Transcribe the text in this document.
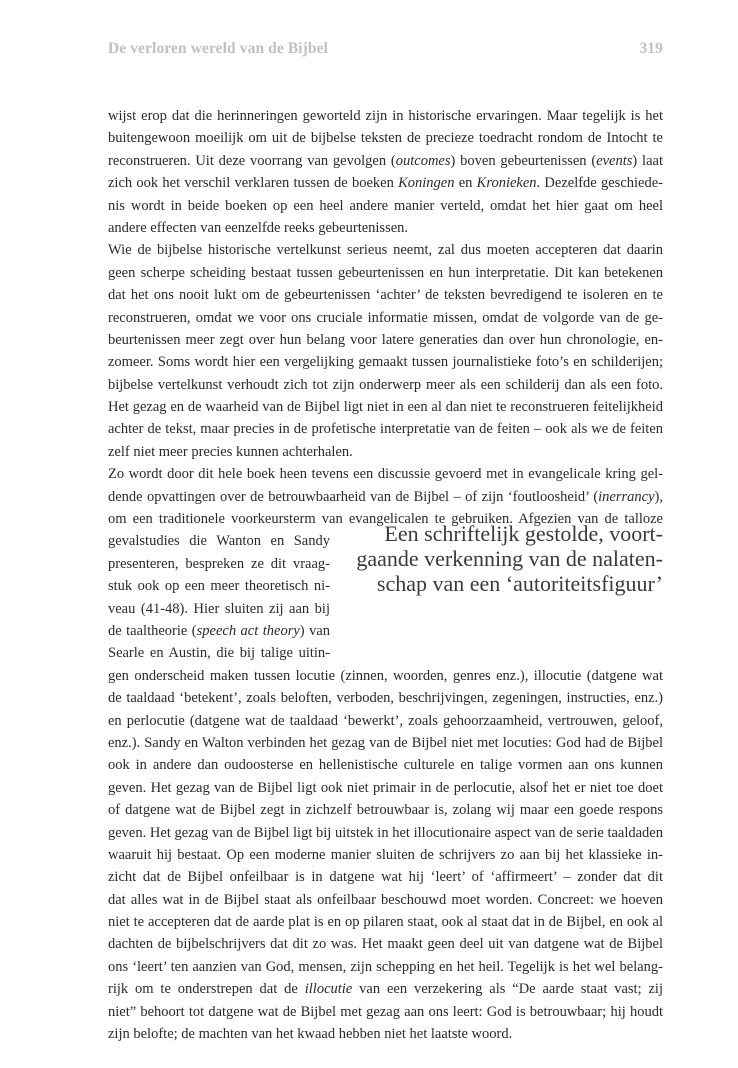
De verloren wereld van de Bijbel	319
wijst erop dat die herinneringen geworteld zijn in historische ervaringen. Maar tegelijk is het
buitengewoon moeilijk om uit de bijbelse teksten de precieze toedracht rondom de Intocht te
reconstrueren. Uit deze voorrang van gevolgen (outcomes) boven gebeurtenissen (events) laat
zich ook het verschil verklaren tussen de boeken Koningen en Kronieken. Dezelfde geschiede-
nis wordt in beide boeken op een heel andere manier verteld, omdat het hier gaat om heel
andere effecten van eenzelfde reeks gebeurtenissen.
Wie de bijbelse historische vertelkunst serieus neemt, zal dus moeten accepteren dat daarin
geen scherpe scheiding bestaat tussen gebeurtenissen en hun interpretatie. Dit kan betekenen
dat het ons nooit lukt om de gebeurtenissen ‘achter’ de teksten bevredigend te isoleren en te
reconstrueren, omdat we voor ons cruciale informatie missen, omdat de volgorde van de ge-
beurtenissen meer zegt over hun belang voor latere generaties dan over hun chronologie, en-
zomeer. Soms wordt hier een vergelijking gemaakt tussen journalistieke foto’s en schilderijen;
bijbelse vertelkunst verhoudt zich tot zijn onderwerp meer als een schilderij dan als een foto.
Het gezag en de waarheid van de Bijbel ligt niet in een al dan niet te reconstrueren feitelijkheid
achter de tekst, maar precies in de profetische interpretatie van de feiten – ook als we de feiten
zelf niet meer precies kunnen achterhalen.
Zo wordt door dit hele boek heen tevens een discussie gevoerd met in evangelicale kring gel-
dende opvattingen over de betrouwbaarheid van de Bijbel – of zijn ‘foutloosheid’ (inerrancy),
om een traditionele voorkeursterm van evangelicalen te gebruiken. Afgezien van de talloze
gevalstudies die Wanton en Sandy
presenteren, bespreken ze dit vraag-
stuk ook op een meer theoretisch ni-
veau (41-48). Hier sluiten zij aan bij
de taaltheorie (speech act theory) van
Searle en Austin, die bij talige uitin-
gen onderscheid maken tussen locutie (zinnen, woorden, genres enz.), illocutie (datgene wat
de taaldaad ‘betekent’, zoals beloften, verboden, beschrijvingen, zegeningen, instructies, enz.)
en perlocutie (datgene wat de taaldaad ‘bewerkt’, zoals gehoorzaamheid, vertrouwen, geloof,
enz.). Sandy en Walton verbinden het gezag van de Bijbel niet met locuties: God had de Bijbel
ook in andere dan oudoosterse en hellenistische culturele en talige vormen aan ons kunnen
geven. Het gezag van de Bijbel ligt ook niet primair in de perlocutie, alsof het er niet toe doet
of datgene wat de Bijbel zegt in zichzelf betrouwbaar is, zolang wij maar een goede respons
geven. Het gezag van de Bijbel ligt bij uitstek in het illocutionaire aspect van de serie taaldaden
waaruit hij bestaat. Op een moderne manier sluiten de schrijvers zo aan bij het klassieke in-
zicht dat de Bijbel onfeilbaar is in datgene wat hij ‘leert’ of ‘affirmeert’ – zonder dat dit
dat alles wat in de Bijbel staat als onfeilbaar beschouwd moet worden. Concreet: we hoeven
niet te accepteren dat de aarde plat is en op pilaren staat, ook al staat dat in de Bijbel, en ook al
dachten de bijbelschrijvers dat dit zo was. Het maakt geen deel uit van datgene wat de Bijbel
ons ‘leert’ ten aanzien van God, mensen, zijn schepping en het heil. Tegelijk is het wel belang-
rijk om te onderstrepen dat de illocutie van een verzekering als “De aarde staat vast; zij
niet” behoort tot datgene wat de Bijbel met gezag aan ons leert: God is betrouwbaar; hij houdt
zijn belofte; de machten van het kwaad hebben niet het laatste woord.
Een schriftelijk gestolde, voort-
gaande verkenning van de nalaten-
schap van een ‘autoriteitsfiguur’
